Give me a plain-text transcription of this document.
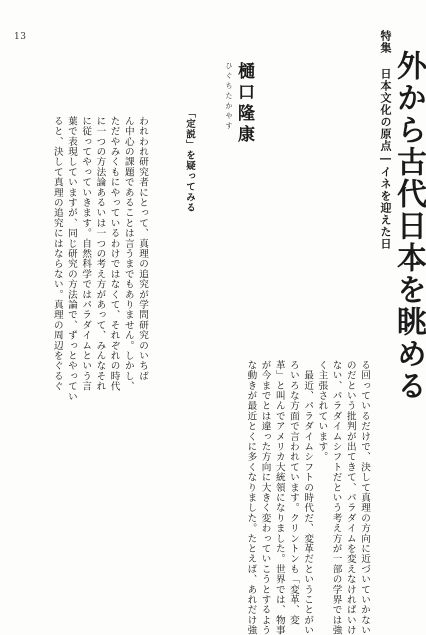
13	特集 日本文化の原点―イネを迎えた日 外から古代日本を眺める
ひぐちたかやす 樋口隆康
「定説」を疑ってみる
われわれ研究者にとって、真理の追究が学問研究のいちば
ん中心の課題であることは言うまでもありません。しかし、
ただやみくもにやっているわけではなくて、それぞれの時代
に一つの方法論あるいは一つの考え方があって、みんなそれ
に従ってやっていきます。自然科学ではパラダイムという言
葉で表現していますが、同じ研究の方法論で、ずっとやってい
ると、決して真理の追究にはならない。真理の周辺をぐるぐ
る回っているだけで、決して真理の方向に近づいていかない
のだという批判が出てきて、パラダイムを変えなければいけ
ない、パラダイムシフトだという考え方が一部の学界では強
く主張されています。
　最近、パラダイムシフトの時代だ、変革だということがい
ろいろな方面で言われています。クリントンも「変革、変
革」と叫んでアメリカ大統領になりました。世界では、物事
が今までとは違った方向に大きく変わっていこうとするよう
な動きが最近とくに多くなりました。たとえば、あれだけ強
